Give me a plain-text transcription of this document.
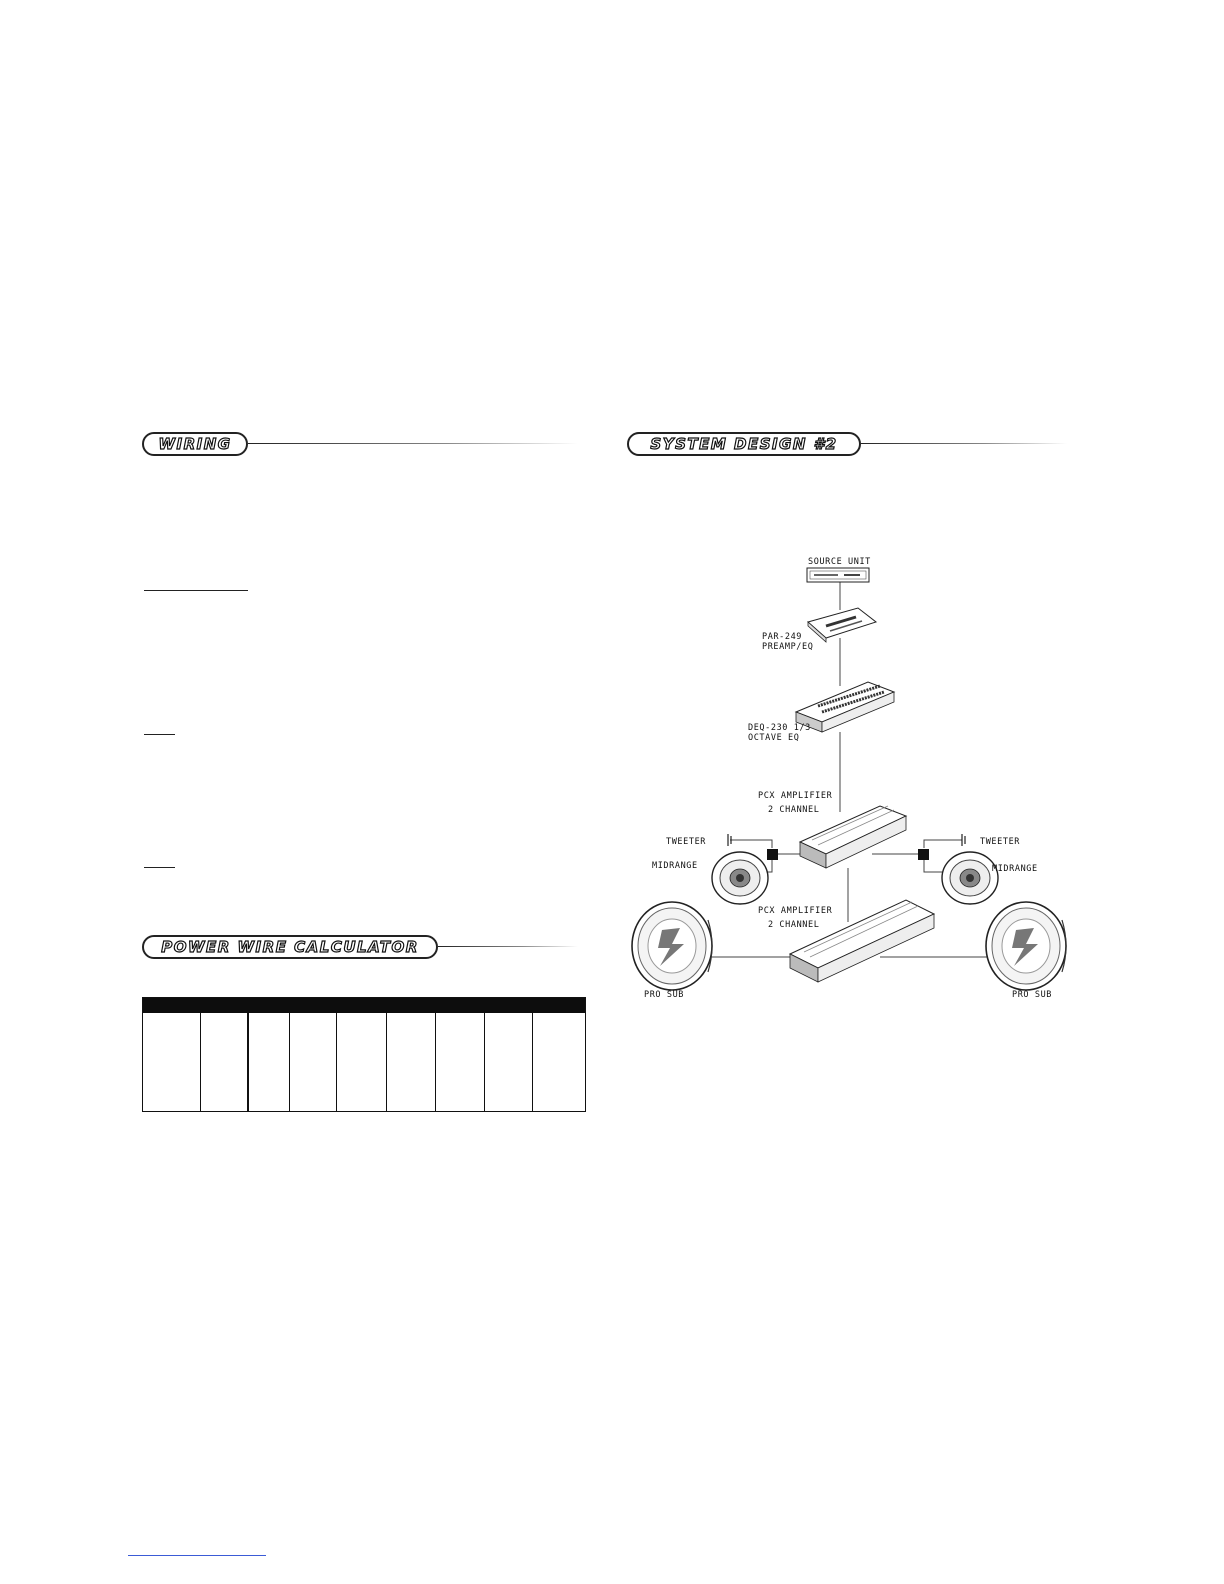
WIRING
POWER WIRE CALCULATOR
SYSTEM DESIGN #2
SOURCE UNIT
PAR-249
PREAMP/EQ
DEQ-230 1/3
OCTAVE EQ
PCX AMPLIFIER
2 CHANNEL
TWEETER	TWEETER
MIDRANGE	MIDRANGE
PCX AMPLIFIER
2 CHANNEL
PRO SUB	PRO SUB
